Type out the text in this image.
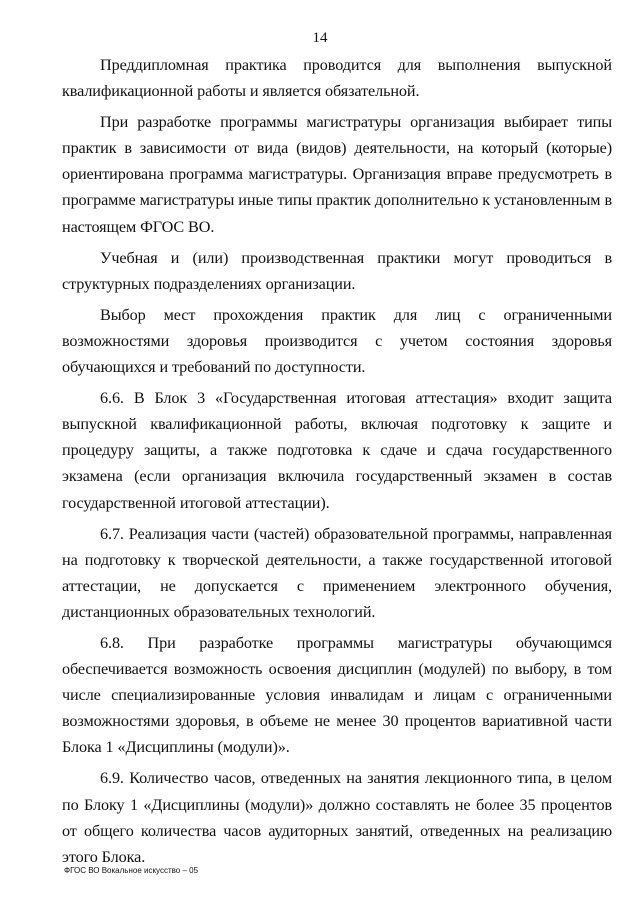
14

Преддипломная практика проводится для выполнения выпускной квалификационной работы и является обязательной.

При разработке программы магистратуры организация выбирает типы практик в зависимости от вида (видов) деятельности, на который (которые) ориентирована программа магистратуры. Организация вправе предусмотреть в программе магистратуры иные типы практик дополнительно к установленным в настоящем ФГОС ВО.

Учебная и (или) производственная практики могут проводиться в структурных подразделениях организации.

Выбор мест прохождения практик для лиц с ограниченными возможностями здоровья производится с учетом состояния здоровья обучающихся и требований по доступности.

6.6. В Блок 3 «Государственная итоговая аттестация» входит защита выпускной квалификационной работы, включая подготовку к защите и процедуру защиты, а также подготовка к сдаче и сдача государственного экзамена (если организация включила государственный экзамен в состав государственной итоговой аттестации).

6.7. Реализация части (частей) образовательной программы, направленная на подготовку к творческой деятельности, а также государственной итоговой аттестации, не допускается с применением электронного обучения, дистанционных образовательных технологий.

6.8. При разработке программы магистратуры обучающимся обеспечивается возможность освоения дисциплин (модулей) по выбору, в том числе специализированные условия инвалидам и лицам с ограниченными возможностями здоровья, в объеме не менее 30 процентов вариативной части Блока 1 «Дисциплины (модули)».

6.9. Количество часов, отведенных на занятия лекционного типа, в целом по Блоку 1 «Дисциплины (модули)» должно составлять не более 35 процентов от общего количества часов аудиторных занятий, отведенных на реализацию этого Блока.

ФГОС ВО Вокальное искусство – 05
